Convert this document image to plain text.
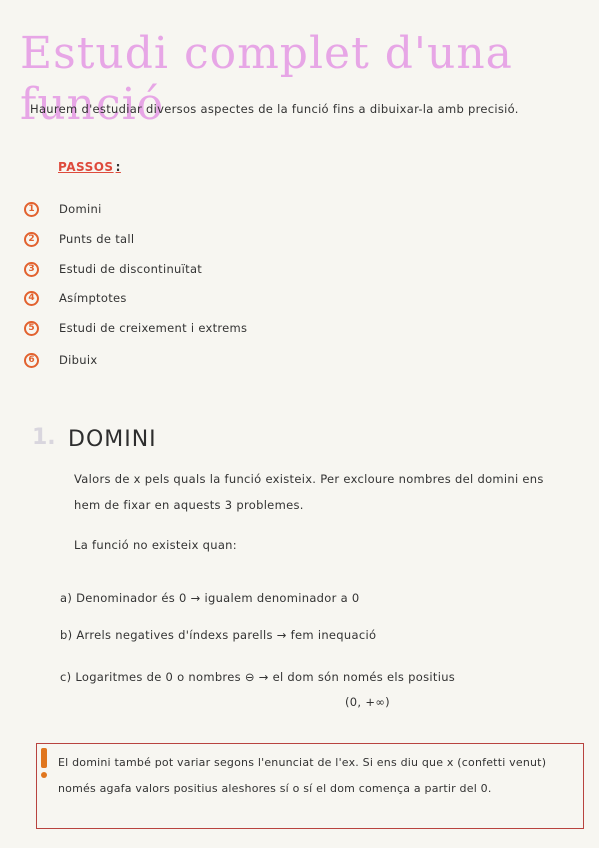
Estudi complet d'una funció
Haurem d'estudiar diversos aspectes de la funció fins a dibuixar-la amb precisió.
PASSOS :
1	Domini
2	Punts de tall
3	Estudi de discontinuïtat
4	Asímptotes
5	Estudi de creixement i extrems
6	Dibuix
1. DOMINI
Valors de x pels quals la funció existeix. Per excloure nombres del domini ens hem de fixar en aquests 3 problemes.
La funció no existeix quan:
a) Denominador és 0 → igualem denominador a 0
b) Arrels negatives d'índexs parells → fem inequació
c) Logaritmes de 0 o nombres ⊖ → el dom són només els positius
(0, +∞)
El domini també pot variar segons l'enunciat de l'ex. Si ens diu que x (confetti venut) només agafa valors positius aleshores sí o sí el dom comença a partir del 0.
